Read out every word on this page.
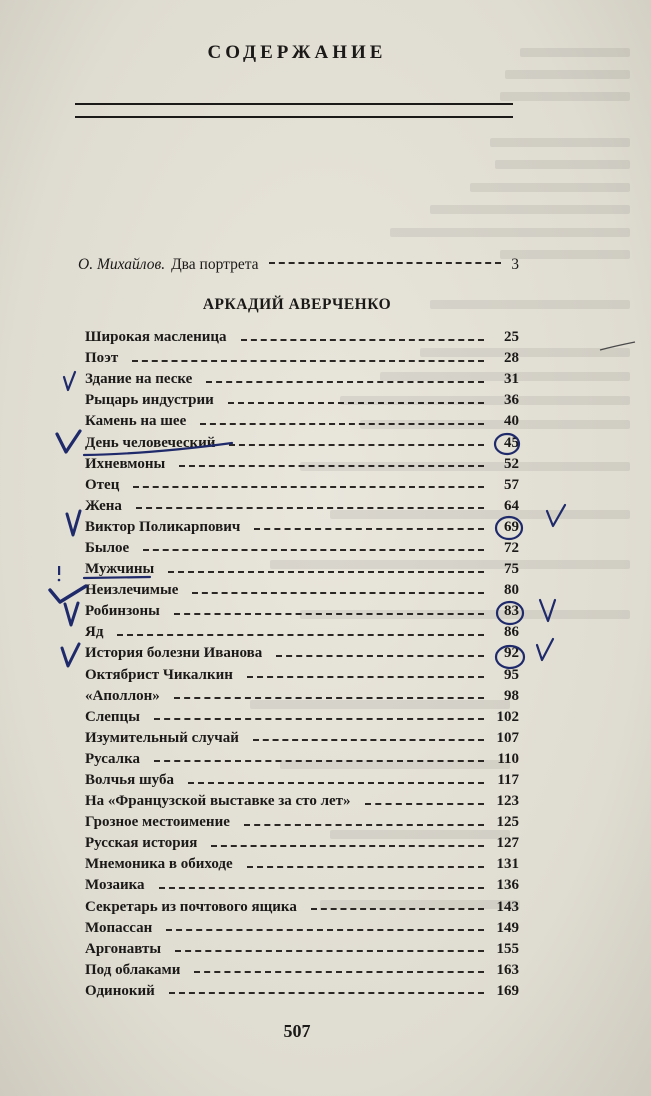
СОДЕРЖАНИЕ
О. Михайлов. Два портрета	3
АРКАДИЙ АВЕРЧЕНКО
Широкая масленица	25
Поэт	28
Здание на песке	31
Рыцарь индустрии	36
Камень на шее	40
День человеческий	45
Ихневмоны	52
Отец	57
Жена	64
Виктор Поликарпович	69
Былое	72
Мужчины	75
Неизлечимые	80
Робинзоны	83
Яд	86
История болезни Иванова	92
Октябрист Чикалкин	95
«Аполлон»	98
Слепцы	102
Изумительный случай	107
Русалка	110
Волчья шуба	117
На «Французской выставке за сто лет»	123
Грозное местоимение	125
Русская история	127
Мнемоника в обиходе	131
Мозаика	136
Секретарь из почтового ящика	143
Мопассан	149
Аргонавты	155
Под облаками	163
Одинокий	169
507
